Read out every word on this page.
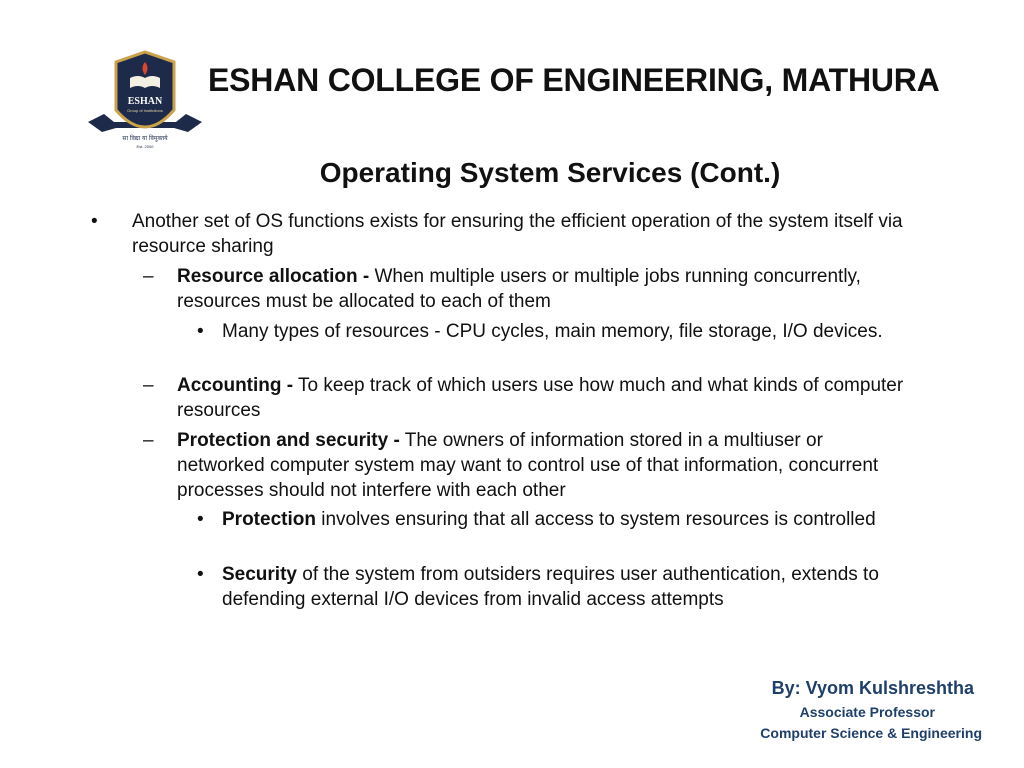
ESHAN
Group of Institutions
सा विद्या या विमुक्तये
Est. 2000
ESHAN COLLEGE OF ENGINEERING, MATHURA
Operating System Services (Cont.)
• Another set of OS functions exists for ensuring the efficient operation of the system itself via resource sharing
– Resource allocation - When multiple users or multiple jobs running concurrently, resources must be allocated to each of them
• Many types of resources - CPU cycles, main memory, file storage, I/O devices.
– Accounting - To keep track of which users use how much and what kinds of computer resources
– Protection and security - The owners of information stored in a multiuser or networked computer system may want to control use of that information, concurrent processes should not interfere with each other
• Protection involves ensuring that all access to system resources is controlled
• Security of the system from outsiders requires user authentication, extends to defending external I/O devices from invalid access attempts
By: Vyom Kulshreshtha
Associate Professor
Computer Science & Engineering
